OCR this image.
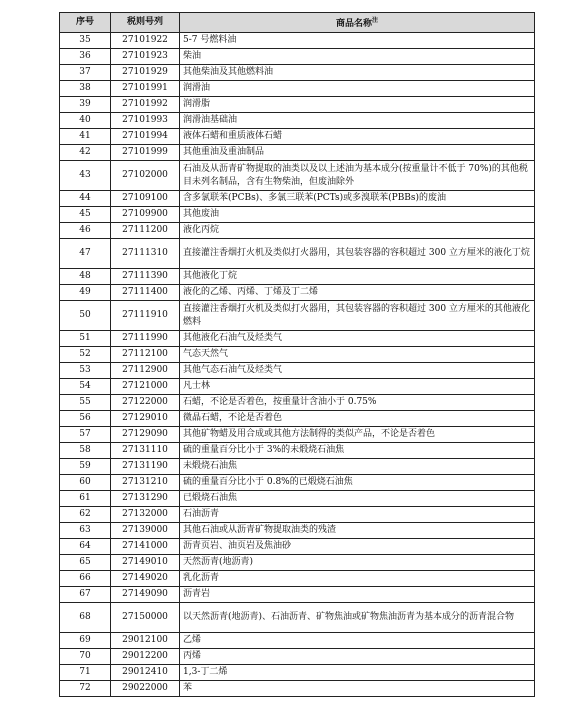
序号	税则号列	商品名称$^注$
35	27101922	5-7 号燃料油
36	27101923	柴油
37	27101929	其他柴油及其他燃料油
38	27101991	润滑油
39	27101992	润滑脂
40	27101993	润滑油基础油
41	27101994	液体石蜡和重质液体石蜡
42	27101999	其他重油及重油制品
43	27102000	石油及从沥青矿物提取的油类以及以上述油为基本成分(按重量计不低于 70%)的其他税目未列名制品，含有生物柴油，但废油除外
44	27109100	含多氯联苯(PCBs)、多氯三联苯(PCTs)或多溴联苯(PBBs)的废油
45	27109900	其他废油
46	27111200	液化丙烷
47	27111310	直接灌注香烟打火机及类似打火器用，其包装容器的容积超过 300 立方厘米的液化丁烷
48	27111390	其他液化丁烷
49	27111400	液化的乙烯、丙烯、丁烯及丁二烯
50	27111910	直接灌注香烟打火机及类似打火器用，其包装容器的容积超过 300 立方厘米的其他液化燃料
51	27111990	其他液化石油气及烃类气
52	27112100	气态天然气
53	27112900	其他气态石油气及烃类气
54	27121000	凡士林
55	27122000	石蜡，不论是否着色，按重量计含油小于 0.75%
56	27129010	微晶石蜡，不论是否着色
57	27129090	其他矿物蜡及用合成或其他方法制得的类似产品，不论是否着色
58	27131110	硫的重量百分比小于 3%的未煅烧石油焦
59	27131190	未煅烧石油焦
60	27131210	硫的重量百分比小于 0.8%的已煅烧石油焦
61	27131290	已煅烧石油焦
62	27132000	石油沥青
63	27139000	其他石油或从沥青矿物提取油类的残渣
64	27141000	沥青页岩、油页岩及焦油砂
65	27149010	天然沥青(地沥青)
66	27149020	乳化沥青
67	27149090	沥青岩
68	27150000	以天然沥青(地沥青)、石油沥青、矿物焦油或矿物焦油沥青为基本成分的沥青混合物
69	29012100	乙烯
70	29012200	丙烯
71	29012410	1,3-丁二烯
72	29022000	苯
